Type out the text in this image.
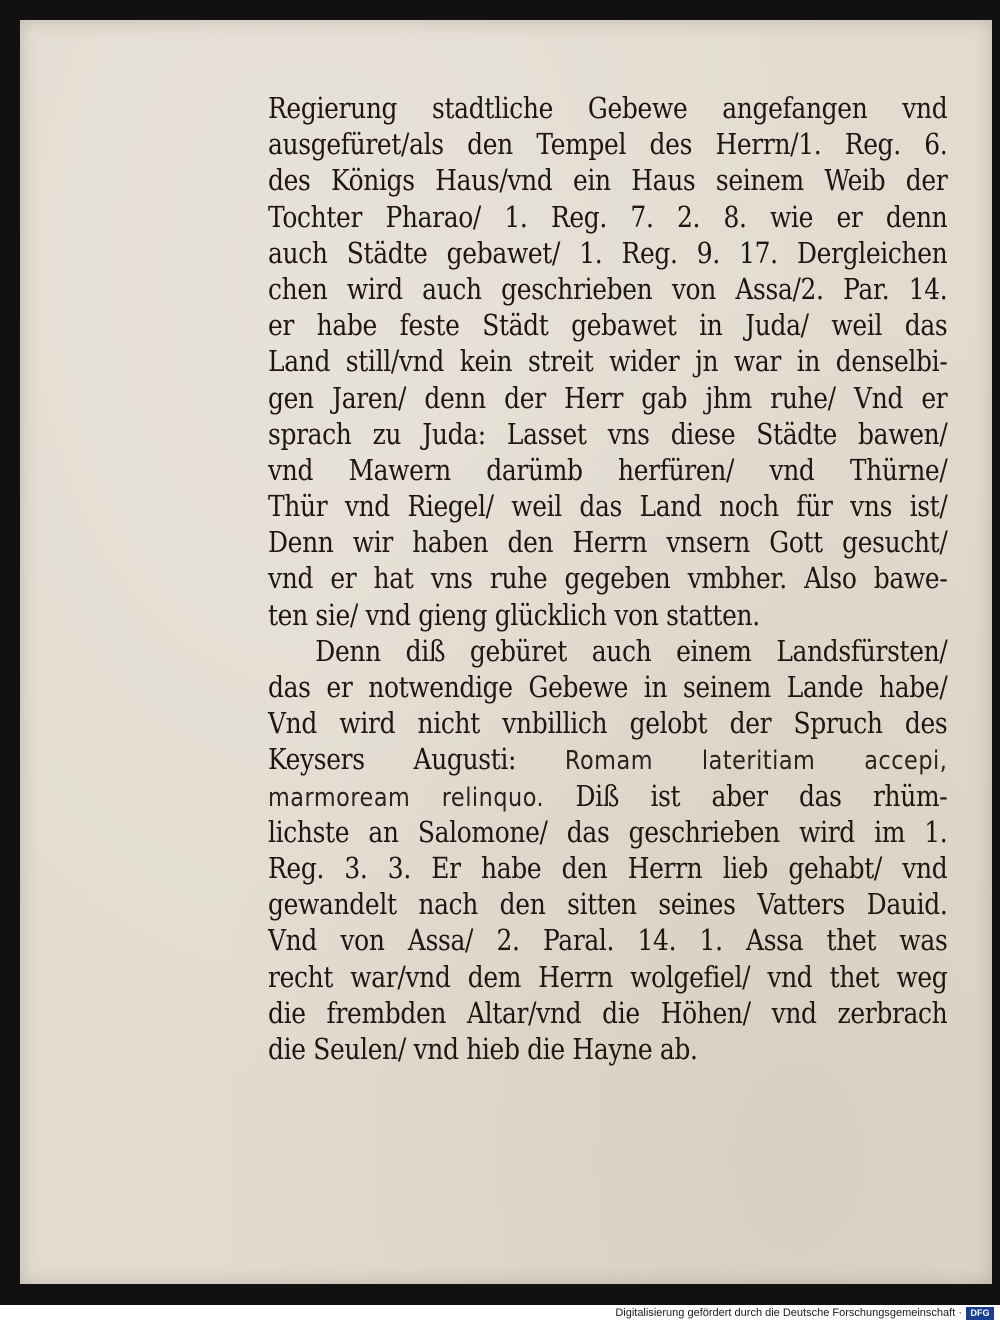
Regierung stadtliche Gebewe angefangen vnd
ausgefüret/als den Tempel des Herrn/1. Reg. 6.
des Königs Haus/vnd ein Haus seinem Weib der
Tochter Pharao/ 1. Reg. 7. 2. 8. wie er denn
auch Städte gebawet/ 1. Reg. 9. 17. Dergleichen
chen wird auch geschrieben von Assa/2. Par. 14.
er habe feste Städt gebawet in Juda/ weil das
Land still/vnd kein streit wider jn war in denselbi-
gen Jaren/ denn der Herr gab jhm ruhe/ Vnd er
sprach zu Juda: Lasset vns diese Städte bawen/
vnd Mawern darümb herfüren/ vnd Thürne/
Thür vnd Riegel/ weil das Land noch für vns ist/
Denn wir haben den Herrn vnsern Gott gesucht/
vnd er hat vns ruhe gegeben vmbher. Also bawe-
ten sie/ vnd gieng glücklich von statten.
Denn diß gebüret auch einem Landsfürsten/
das er notwendige Gebewe in seinem Lande habe/
Vnd wird nicht vnbillich gelobt der Spruch des
Keysers Augusti: Romam lateritiam accepi,
marmoream relinquo. Diß ist aber das rhüm-
lichste an Salomone/ das geschrieben wird im 1.
Reg. 3. 3. Er habe den Herrn lieb gehabt/ vnd
gewandelt nach den sitten seines Vatters Dauid.
Vnd von Assa/ 2. Paral. 14. 1. Assa thet was
recht war/vnd dem Herrn wolgefiel/ vnd thet weg
die frembden Altar/vnd die Höhen/ vnd zerbrach
die Seulen/ vnd hieb die Hayne ab.
Digitalisierung gefördert durch die Deutsche Forschungsgemeinschaft · DFG
